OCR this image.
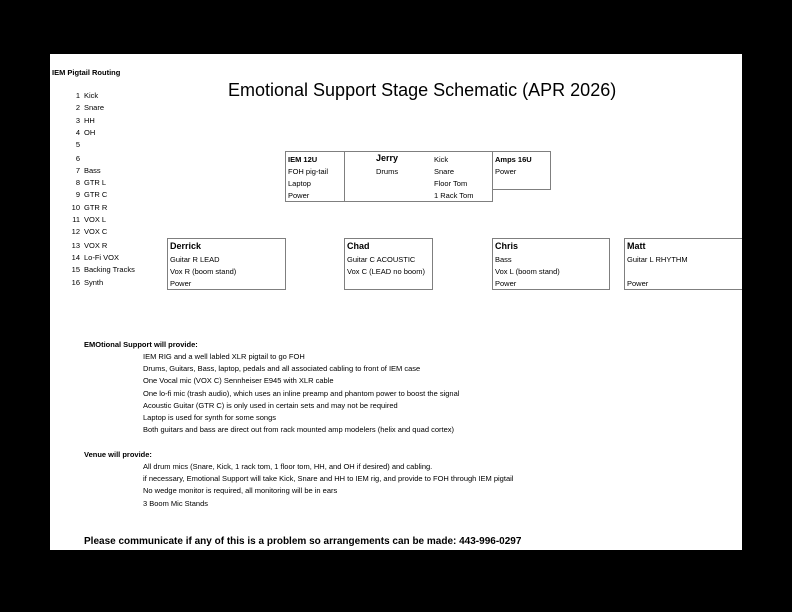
IEM Pigtail Routing
1 Kick
2 Snare
3 HH
4 OH
5
6
7 Bass
8 GTR L
9 GTR C
10 GTR R
11 VOX L
12 VOX C
13 VOX R
14 Lo-Fi VOX
15 Backing Tracks
16 Synth
Emotional Support Stage Schematic (APR 2026)
IEM 12U
FOH pig-tail
Laptop
Power
Jerry
Drums
Kick
Snare
Floor Tom
1 Rack Tom
Amps 16U
Power
Derrick
Guitar R LEAD
Vox R (boom stand)
Power
Chad
Guitar C ACOUSTIC
Vox C (LEAD no boom)
Chris
Bass
Vox L (boom stand)
Power
Matt
Guitar L RHYTHM
Power
EMOtional Support will provide:
IEM RIG and a well labled XLR pigtail to go FOH
Drums, Guitars, Bass, laptop, pedals and all associated cabling to front of IEM case
One Vocal mic (VOX C) Sennheiser E945 with XLR cable
One lo-fi mic (trash audio), which uses an inline preamp and phantom power to boost the signal
Acoustic Guitar (GTR C) is only used in certain sets and may not be required
Laptop is used for synth for some songs
Both guitars and bass are direct out from rack mounted amp modelers (helix and quad cortex)
Venue will provide:
All drum mics (Snare, Kick, 1 rack tom, 1 floor tom, HH, and OH if desired) and cabling.
if necessary, Emotional Support will take Kick, Snare and HH to IEM rig, and provide to FOH through IEM pigtail
No wedge monitor is required, all monitoring will be in ears
3 Boom Mic Stands
Please communicate if any of this is a problem so arrangements can be made: 443-996-0297
